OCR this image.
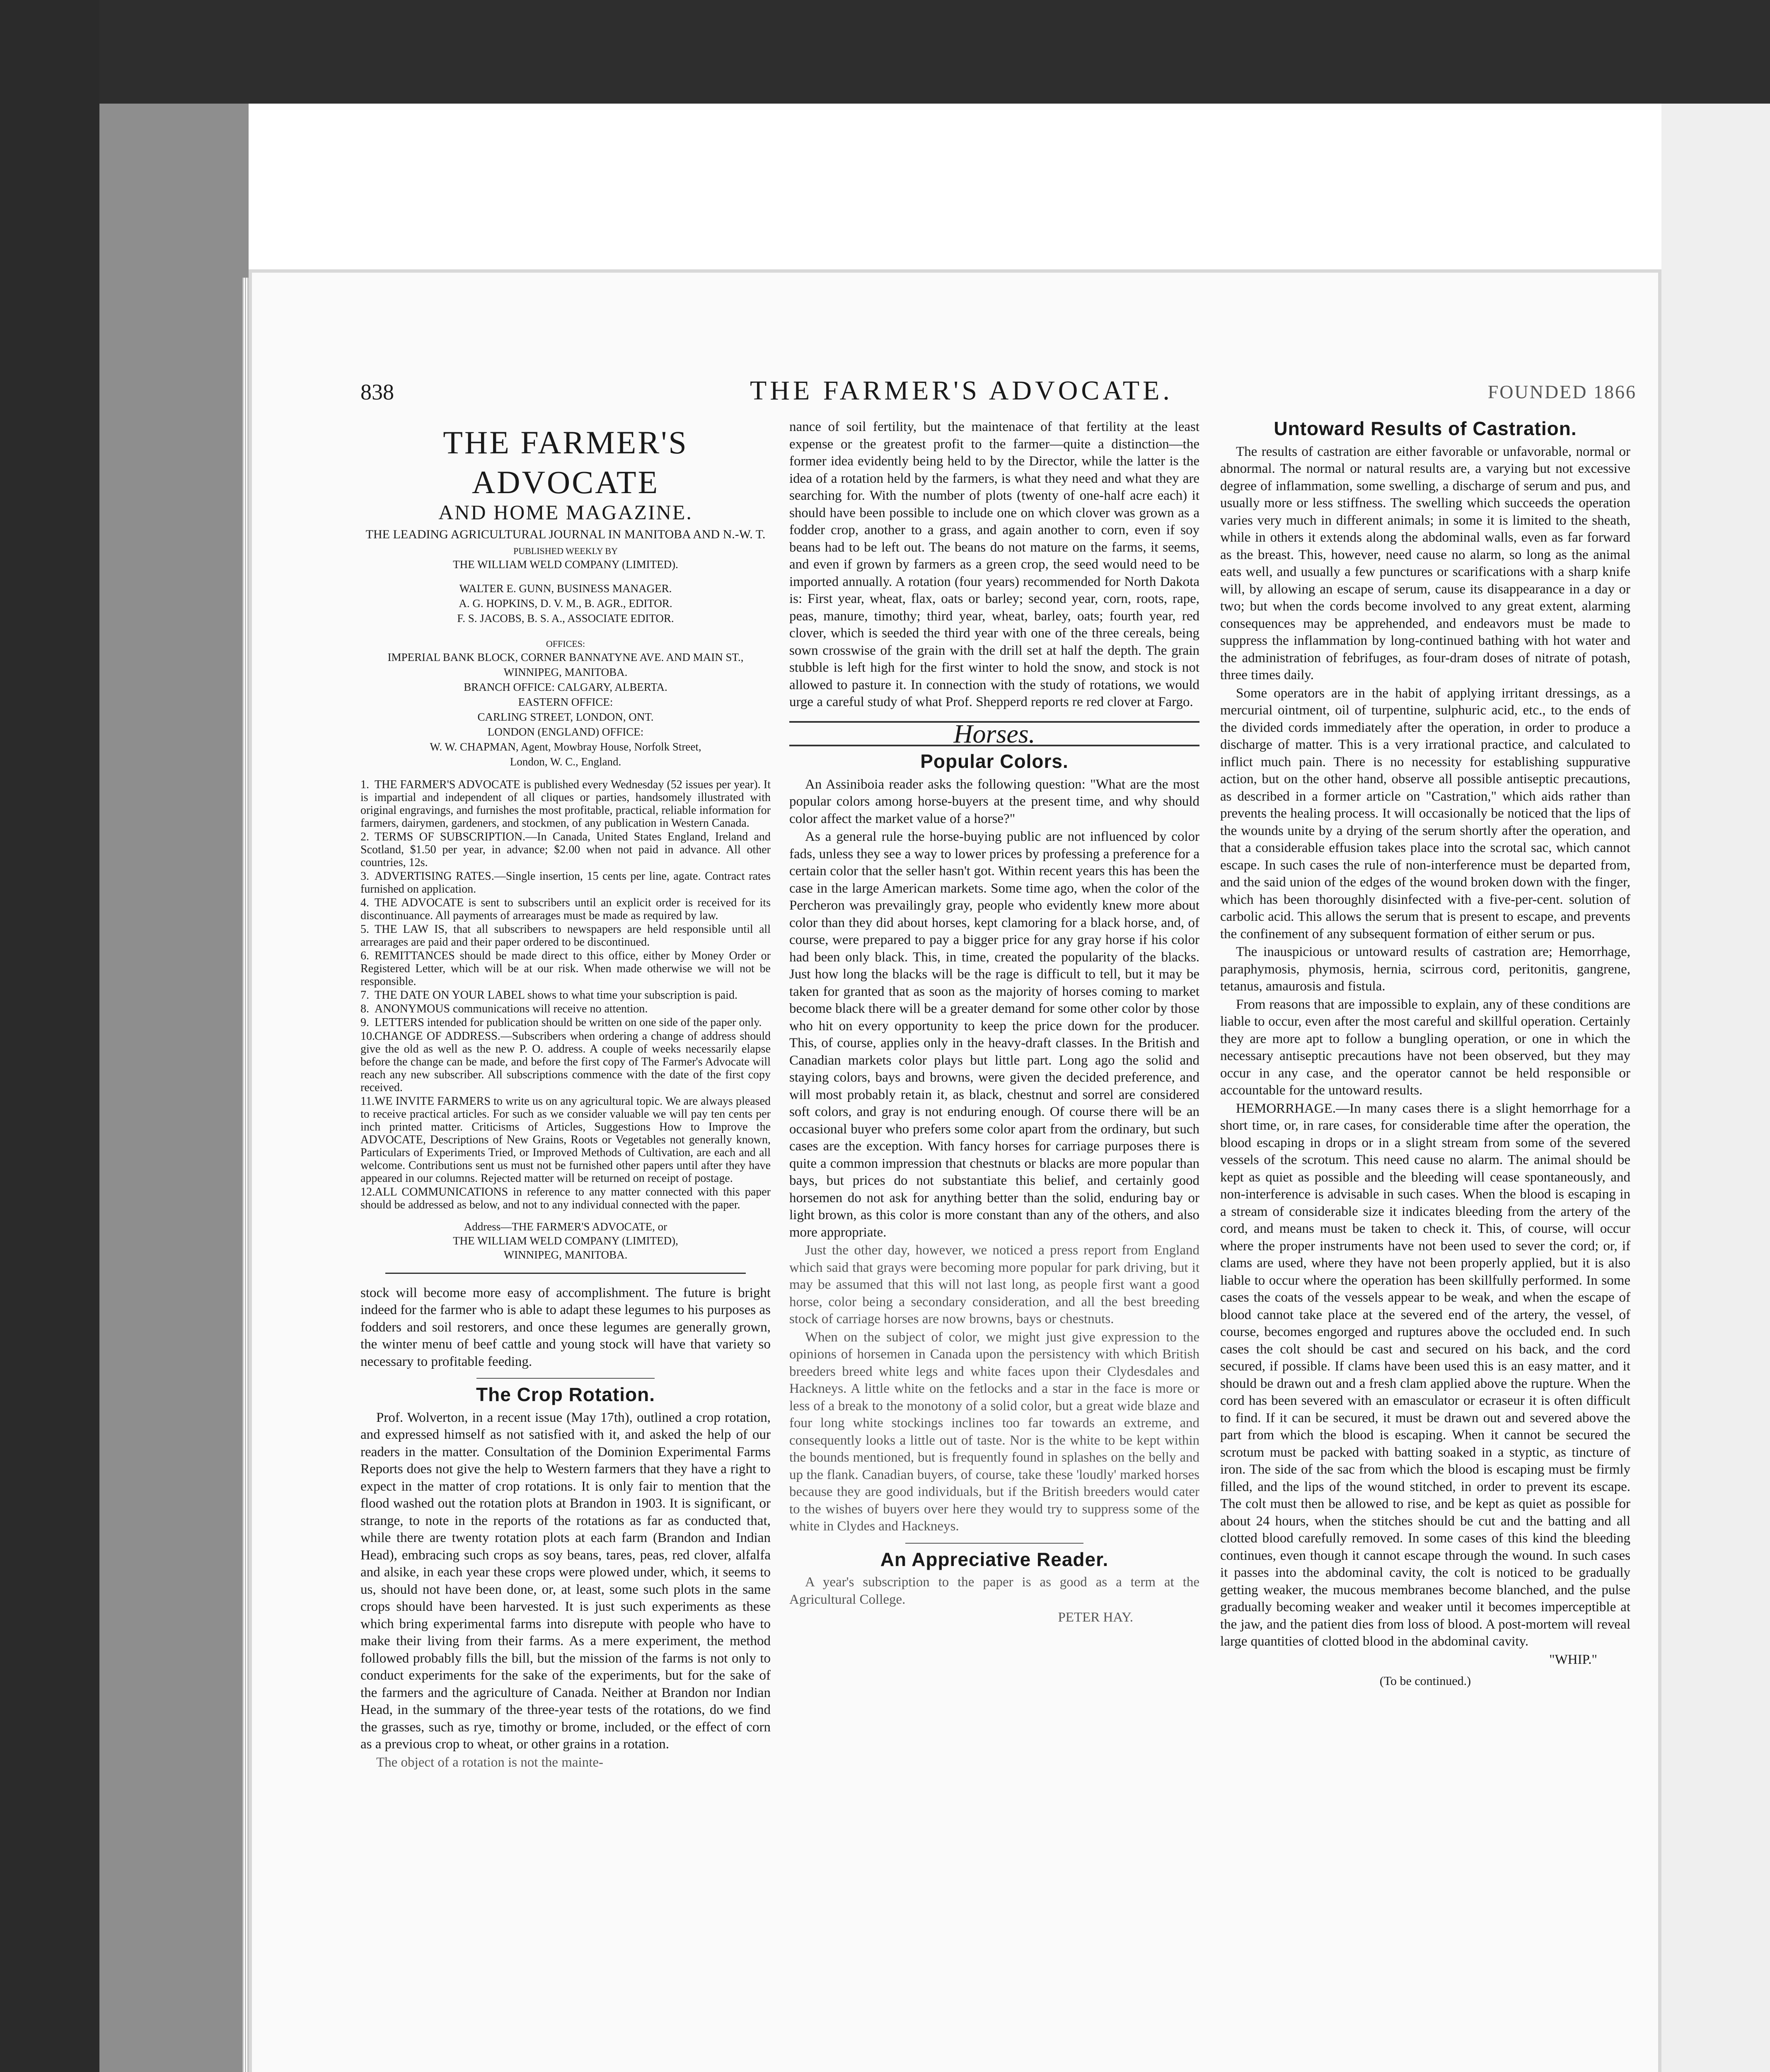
838	THE FARMER'S ADVOCATE.	FOUNDED 1866
THE FARMER'S ADVOCATE
AND HOME MAGAZINE.
THE LEADING AGRICULTURAL JOURNAL IN MANITOBA AND N.-W. T.
PUBLISHED WEEKLY BY
THE WILLIAM WELD COMPANY (LIMITED).
WALTER E. GUNN, BUSINESS MANAGER.
A. G. HOPKINS, D. V. M., B. AGR., EDITOR.
F. S. JACOBS, B. S. A., ASSOCIATE EDITOR.
OFFICES:
IMPERIAL BANK BLOCK, CORNER BANNATYNE AVE. AND MAIN ST.,
WINNIPEG, MANITOBA.
BRANCH OFFICE: CALGARY, ALBERTA.
EASTERN OFFICE:
CARLING STREET, LONDON, ONT.
LONDON (ENGLAND) OFFICE:
W. W. CHAPMAN, Agent, Mowbray House, Norfolk Street,
London, W. C., England.

1. THE FARMER'S ADVOCATE is published every Wednesday (52 issues per year). It is impartial and independent of all cliques or parties, handsomely illustrated with original engravings, and furnishes the most profitable, practical, reliable information for farmers, dairymen, gardeners, and stockmen, of any publication in Western Canada.

2. TERMS OF SUBSCRIPTION.—In Canada, United States England, Ireland and Scotland, $1.50 per year, in advance; $2.00 when not paid in advance. All other countries, 12s.

3. ADVERTISING RATES.—Single insertion, 15 cents per line, agate. Contract rates furnished on application.

4. THE ADVOCATE is sent to subscribers until an explicit order is received for its discontinuance. All payments of arrearages must be made as required by law.

5. THE LAW IS, that all subscribers to newspapers are held responsible until all arrearages are paid and their paper ordered to be discontinued.

6. REMITTANCES should be made direct to this office, either by Money Order or Registered Letter, which will be at our risk. When made otherwise we will not be responsible.

7. THE DATE ON YOUR LABEL shows to what time your subscription is paid.

8. ANONYMOUS communications will receive no attention.

9. LETTERS intended for publication should be written on one side of the paper only.

10.CHANGE OF ADDRESS.—Subscribers when ordering a change of address should give the old as well as the new P. O. address. A couple of weeks necessarily elapse before the change can be made, and before the first copy of The Farmer's Advocate will reach any new subscriber. All subscriptions commence with the date of the first copy received.

11.WE INVITE FARMERS to write us on any agricultural topic. We are always pleased to receive practical articles. For such as we consider valuable we will pay ten cents per inch printed matter. Criticisms of Articles, Suggestions How to Improve the ADVOCATE, Descriptions of New Grains, Roots or Vegetables not generally known, Particulars of Experiments Tried, or Improved Methods of Cultivation, are each and all welcome. Contributions sent us must not be furnished other papers until after they have appeared in our columns. Rejected matter will be returned on receipt of postage.

12.ALL COMMUNICATIONS in reference to any matter connected with this paper should be addressed as below, and not to any individual connected with the paper.

Address—THE FARMER'S ADVOCATE, or
THE WILLIAM WELD COMPANY (LIMITED),
WINNIPEG, MANITOBA.

stock will become more easy of accomplishment. The future is bright indeed for the farmer who is able to adapt these legumes to his purposes as fodders and soil restorers, and once these legumes are generally grown, the winter menu of beef cattle and young stock will have that variety so necessary to profitable feeding.

The Crop Rotation.

Prof. Wolverton, in a recent issue (May 17th), outlined a crop rotation, and expressed himself as not satisfied with it, and asked the help of our readers in the matter. Consultation of the Dominion Experimental Farms Reports does not give the help to Western farmers that they have a right to expect in the matter of crop rotations. It is only fair to mention that the flood washed out the rotation plots at Brandon in 1903. It is significant, or strange, to note in the reports of the rotations as far as conducted that, while there are twenty rotation plots at each farm (Brandon and Indian Head), embracing such crops as soy beans, tares, peas, red clover, alfalfa and alsike, in each year these crops were plowed under, which, it seems to us, should not have been done, or, at least, some such plots in the same crops should have been harvested. It is just such experiments as these which bring experimental farms into disrepute with people who have to make their living from their farms. As a mere experiment, the method followed probably fills the bill, but the mission of the farms is not only to conduct experiments for the sake of the experiments, but for the sake of the farmers and the agriculture of Canada. Neither at Brandon nor Indian Head, in the summary of the three-year tests of the rotations, do we find the grasses, such as rye, timothy or brome, included, or the effect of corn as a previous crop to wheat, or other grains in a rotation.

The object of a rotation is not the mainte-

nance of soil fertility, but the maintenace of that fertility at the least expense or the greatest profit to the farmer—quite a distinction—the former idea evidently being held to by the Director, while the latter is the idea of a rotation held by the farmers, is what they need and what they are searching for. With the number of plots (twenty of one-half acre each) it should have been possible to include one on which clover was grown as a fodder crop, another to a grass, and again another to corn, even if soy beans had to be left out. The beans do not mature on the farms, it seems, and even if grown by farmers as a green crop, the seed would need to be imported annually. A rotation (four years) recommended for North Dakota is: First year, wheat, flax, oats or barley; second year, corn, roots, rape, peas, manure, timothy; third year, wheat, barley, oats; fourth year, red clover, which is seeded the third year with one of the three cereals, being sown crosswise of the grain with the drill set at half the depth. The grain stubble is left high for the first winter to hold the snow, and stock is not allowed to pasture it. In connection with the study of rotations, we would urge a careful study of what Prof. Shepperd reports re red clover at Fargo.

Horses.
Popular Colors.

An Assiniboia reader asks the following question: "What are the most popular colors among horse-buyers at the present time, and why should color affect the market value of a horse?"

As a general rule the horse-buying public are not influenced by color fads, unless they see a way to lower prices by professing a preference for a certain color that the seller hasn't got. Within recent years this has been the case in the large American markets. Some time ago, when the color of the Percheron was prevailingly gray, people who evidently knew more about color than they did about horses, kept clamoring for a black horse, and, of course, were prepared to pay a bigger price for any gray horse if his color had been only black. This, in time, created the popularity of the blacks. Just how long the blacks will be the rage is difficult to tell, but it may be taken for granted that as soon as the majority of horses coming to market become black there will be a greater demand for some other color by those who hit on every opportunity to keep the price down for the producer. This, of course, applies only in the heavy-draft classes. In the British and Canadian markets color plays but little part. Long ago the solid and staying colors, bays and browns, were given the decided preference, and will most probably retain it, as black, chestnut and sorrel are considered soft colors, and gray is not enduring enough. Of course there will be an occasional buyer who prefers some color apart from the ordinary, but such cases are the exception. With fancy horses for carriage purposes there is quite a common impression that chestnuts or blacks are more popular than bays, but prices do not substantiate this belief, and certainly good horsemen do not ask for anything better than the solid, enduring bay or light brown, as this color is more constant than any of the others, and also more appropriate.

Just the other day, however, we noticed a press report from England which said that grays were becoming more popular for park driving, but it may be assumed that this will not last long, as people first want a good horse, color being a secondary consideration, and all the best breeding stock of carriage horses are now browns, bays or chestnuts.

When on the subject of color, we might just give expression to the opinions of horsemen in Canada upon the persistency with which British breeders breed white legs and white faces upon their Clydesdales and Hackneys. A little white on the fetlocks and a star in the face is more or less of a break to the monotony of a solid color, but a great wide blaze and four long white stockings inclines too far towards an extreme, and consequently looks a little out of taste. Nor is the white to be kept within the bounds mentioned, but is frequently found in splashes on the belly and up the flank. Canadian buyers, of course, take these 'loudly' marked horses because they are good individuals, but if the British breeders would cater to the wishes of buyers over here they would try to suppress some of the white in Clydes and Hackneys.

An Appreciative Reader.

A year's subscription to the paper is as good as a term at the Agricultural College.

PETER HAY.

Untoward Results of Castration.

The results of castration are either favorable or unfavorable, normal or abnormal. The normal or natural results are, a varying but not excessive degree of inflammation, some swelling, a discharge of serum and pus, and usually more or less stiffness. The swelling which succeeds the operation varies very much in different animals; in some it is limited to the sheath, while in others it extends along the abdominal walls, even as far forward as the breast. This, however, need cause no alarm, so long as the animal eats well, and usually a few punctures or scarifications with a sharp knife will, by allowing an escape of serum, cause its disappearance in a day or two; but when the cords become involved to any great extent, alarming consequences may be apprehended, and endeavors must be made to suppress the inflammation by long-continued bathing with hot water and the administration of febrifuges, as four-dram doses of nitrate of potash, three times daily.

Some operators are in the habit of applying irritant dressings, as a mercurial ointment, oil of turpentine, sulphuric acid, etc., to the ends of the divided cords immediately after the operation, in order to produce a discharge of matter. This is a very irrational practice, and calculated to inflict much pain. There is no necessity for establishing suppurative action, but on the other hand, observe all possible antiseptic precautions, as described in a former article on "Castration," which aids rather than prevents the healing process. It will occasionally be noticed that the lips of the wounds unite by a drying of the serum shortly after the operation, and that a considerable effusion takes place into the scrotal sac, which cannot escape. In such cases the rule of non-interference must be departed from, and the said union of the edges of the wound broken down with the finger, which has been thoroughly disinfected with a five-per-cent. solution of carbolic acid. This allows the serum that is present to escape, and prevents the confinement of any subsequent formation of either serum or pus.

The inauspicious or untoward results of castration are; Hemorrhage, paraphymosis, phymosis, hernia, scirrous cord, peritonitis, gangrene, tetanus, amaurosis and fistula.

From reasons that are impossible to explain, any of these conditions are liable to occur, even after the most careful and skillful operation. Certainly they are more apt to follow a bungling operation, or one in which the necessary antiseptic precautions have not been observed, but they may occur in any case, and the operator cannot be held responsible or accountable for the untoward results.

HEMORRHAGE.—In many cases there is a slight hemorrhage for a short time, or, in rare cases, for considerable time after the operation, the blood escaping in drops or in a slight stream from some of the severed vessels of the scrotum. This need cause no alarm. The animal should be kept as quiet as possible and the bleeding will cease spontaneously, and non-interference is advisable in such cases. When the blood is escaping in a stream of considerable size it indicates bleeding from the artery of the cord, and means must be taken to check it. This, of course, will occur where the proper instruments have not been used to sever the cord; or, if clams are used, where they have not been properly applied, but it is also liable to occur where the operation has been skillfully performed. In some cases the coats of the vessels appear to be weak, and when the escape of blood cannot take place at the severed end of the artery, the vessel, of course, becomes engorged and ruptures above the occluded end. In such cases the colt should be cast and secured on his back, and the cord secured, if possible. If clams have been used this is an easy matter, and it should be drawn out and a fresh clam applied above the rupture. When the cord has been severed with an emasculator or ecraseur it is often difficult to find. If it can be secured, it must be drawn out and severed above the part from which the blood is escaping. When it cannot be secured the scrotum must be packed with batting soaked in a styptic, as tincture of iron. The side of the sac from which the blood is escaping must be firmly filled, and the lips of the wound stitched, in order to prevent its escape. The colt must then be allowed to rise, and be kept as quiet as possible for about 24 hours, when the stitches should be cut and the batting and all clotted blood carefully removed. In some cases of this kind the bleeding continues, even though it cannot escape through the wound. In such cases it passes into the abdominal cavity, the colt is noticed to be gradually getting weaker, the mucous membranes become blanched, and the pulse gradually becoming weaker and weaker until it becomes imperceptible at the jaw, and the patient dies from loss of blood. A post-mortem will reveal large quantities of clotted blood in the abdominal cavity.

"WHIP."

(To be continued.)
